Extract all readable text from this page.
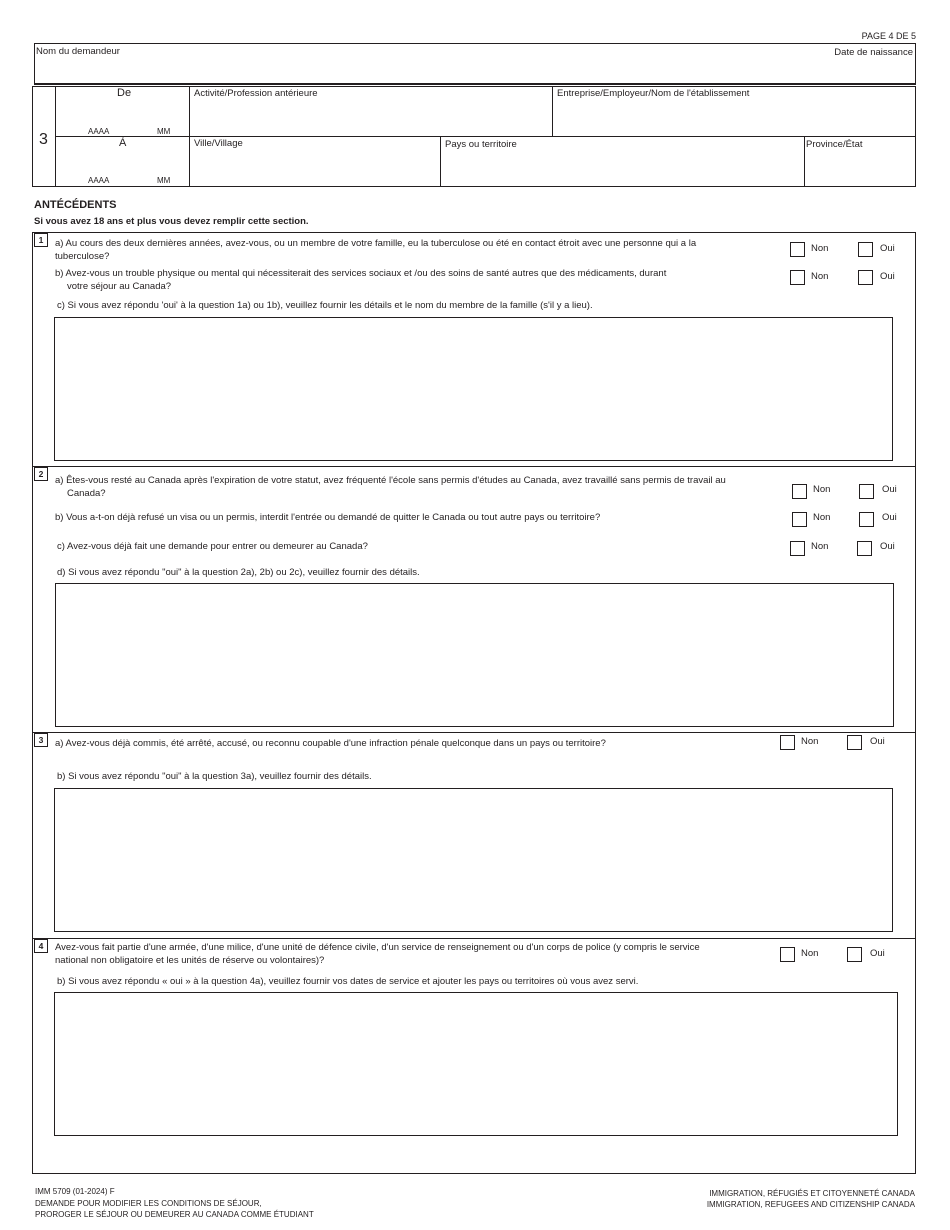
PAGE 4 DE 5
Nom du demandeur	Date de naissance
3
De
AAAA	MM
À
AAAA	MM
Activité/Profession antérieure	Entreprise/Employeur/Nom de l'établissement
Ville/Village	Pays ou territoire	Province/État
ANTÉCÉDENTS
Si vous avez 18 ans et plus vous devez remplir cette section.
1	a) Au cours des deux dernières années, avez-vous, ou un membre de votre famille, eu la tuberculose ou été en contact étroit avec une personne qui a la
tuberculose?
Non	Oui
b) Avez-vous un trouble physique ou mental qui nécessiterait des services sociaux et /ou des soins de santé autres que des médicaments, durant
votre séjour au Canada?
Non	Oui
c) Si vous avez répondu 'oui' à la question 1a) ou 1b), veuillez fournir les détails et le nom du membre de la famille (s'il y a lieu).
2
a) Êtes-vous resté au Canada après l'expiration de votre statut, avez fréquenté l'école sans permis d'études au Canada, avez travaillé sans permis de travail au
Canada?	Non	Oui
b) Vous a-t-on déjà refusé un visa ou un permis, interdit l'entrée ou demandé de quitter le Canada ou tout autre pays ou territoire?	Non	Oui
c) Avez-vous déjà fait une demande pour entrer ou demeurer au Canada?	Non	Oui
d) Si vous avez répondu "oui" à la question 2a), 2b) ou 2c), veuillez fournir des détails.
3	a) Avez-vous déjà commis, été arrêté, accusé, ou reconnu coupable d'une infraction pénale quelconque dans un pays ou territoire?	Non	Oui
b) Si vous avez répondu "oui" à la question 3a), veuillez fournir des détails.
4	Avez-vous fait partie d'une armée, d'une milice, d'une unité de défence civile, d'un service de renseignement ou d'un corps de police (y compris le service
national non obligatoire et les unités de réserve ou volontaires)?
Non	Oui
b) Si vous avez répondu « oui » à la question 4a), veuillez fournir vos dates de service et ajouter les pays ou territoires où vous avez servi.
IMM 5709 (01-2024) F
DEMANDE POUR MODIFIER LES CONDITIONS DE SÉJOUR,
PROROGER LE SÉJOUR OU DEMEURER AU CANADA COMME ÉTUDIANT
IMMIGRATION, RÉFUGIÉS ET CITOYENNETÉ CANADA
IMMIGRATION, REFUGEES AND CITIZENSHIP CANADA
